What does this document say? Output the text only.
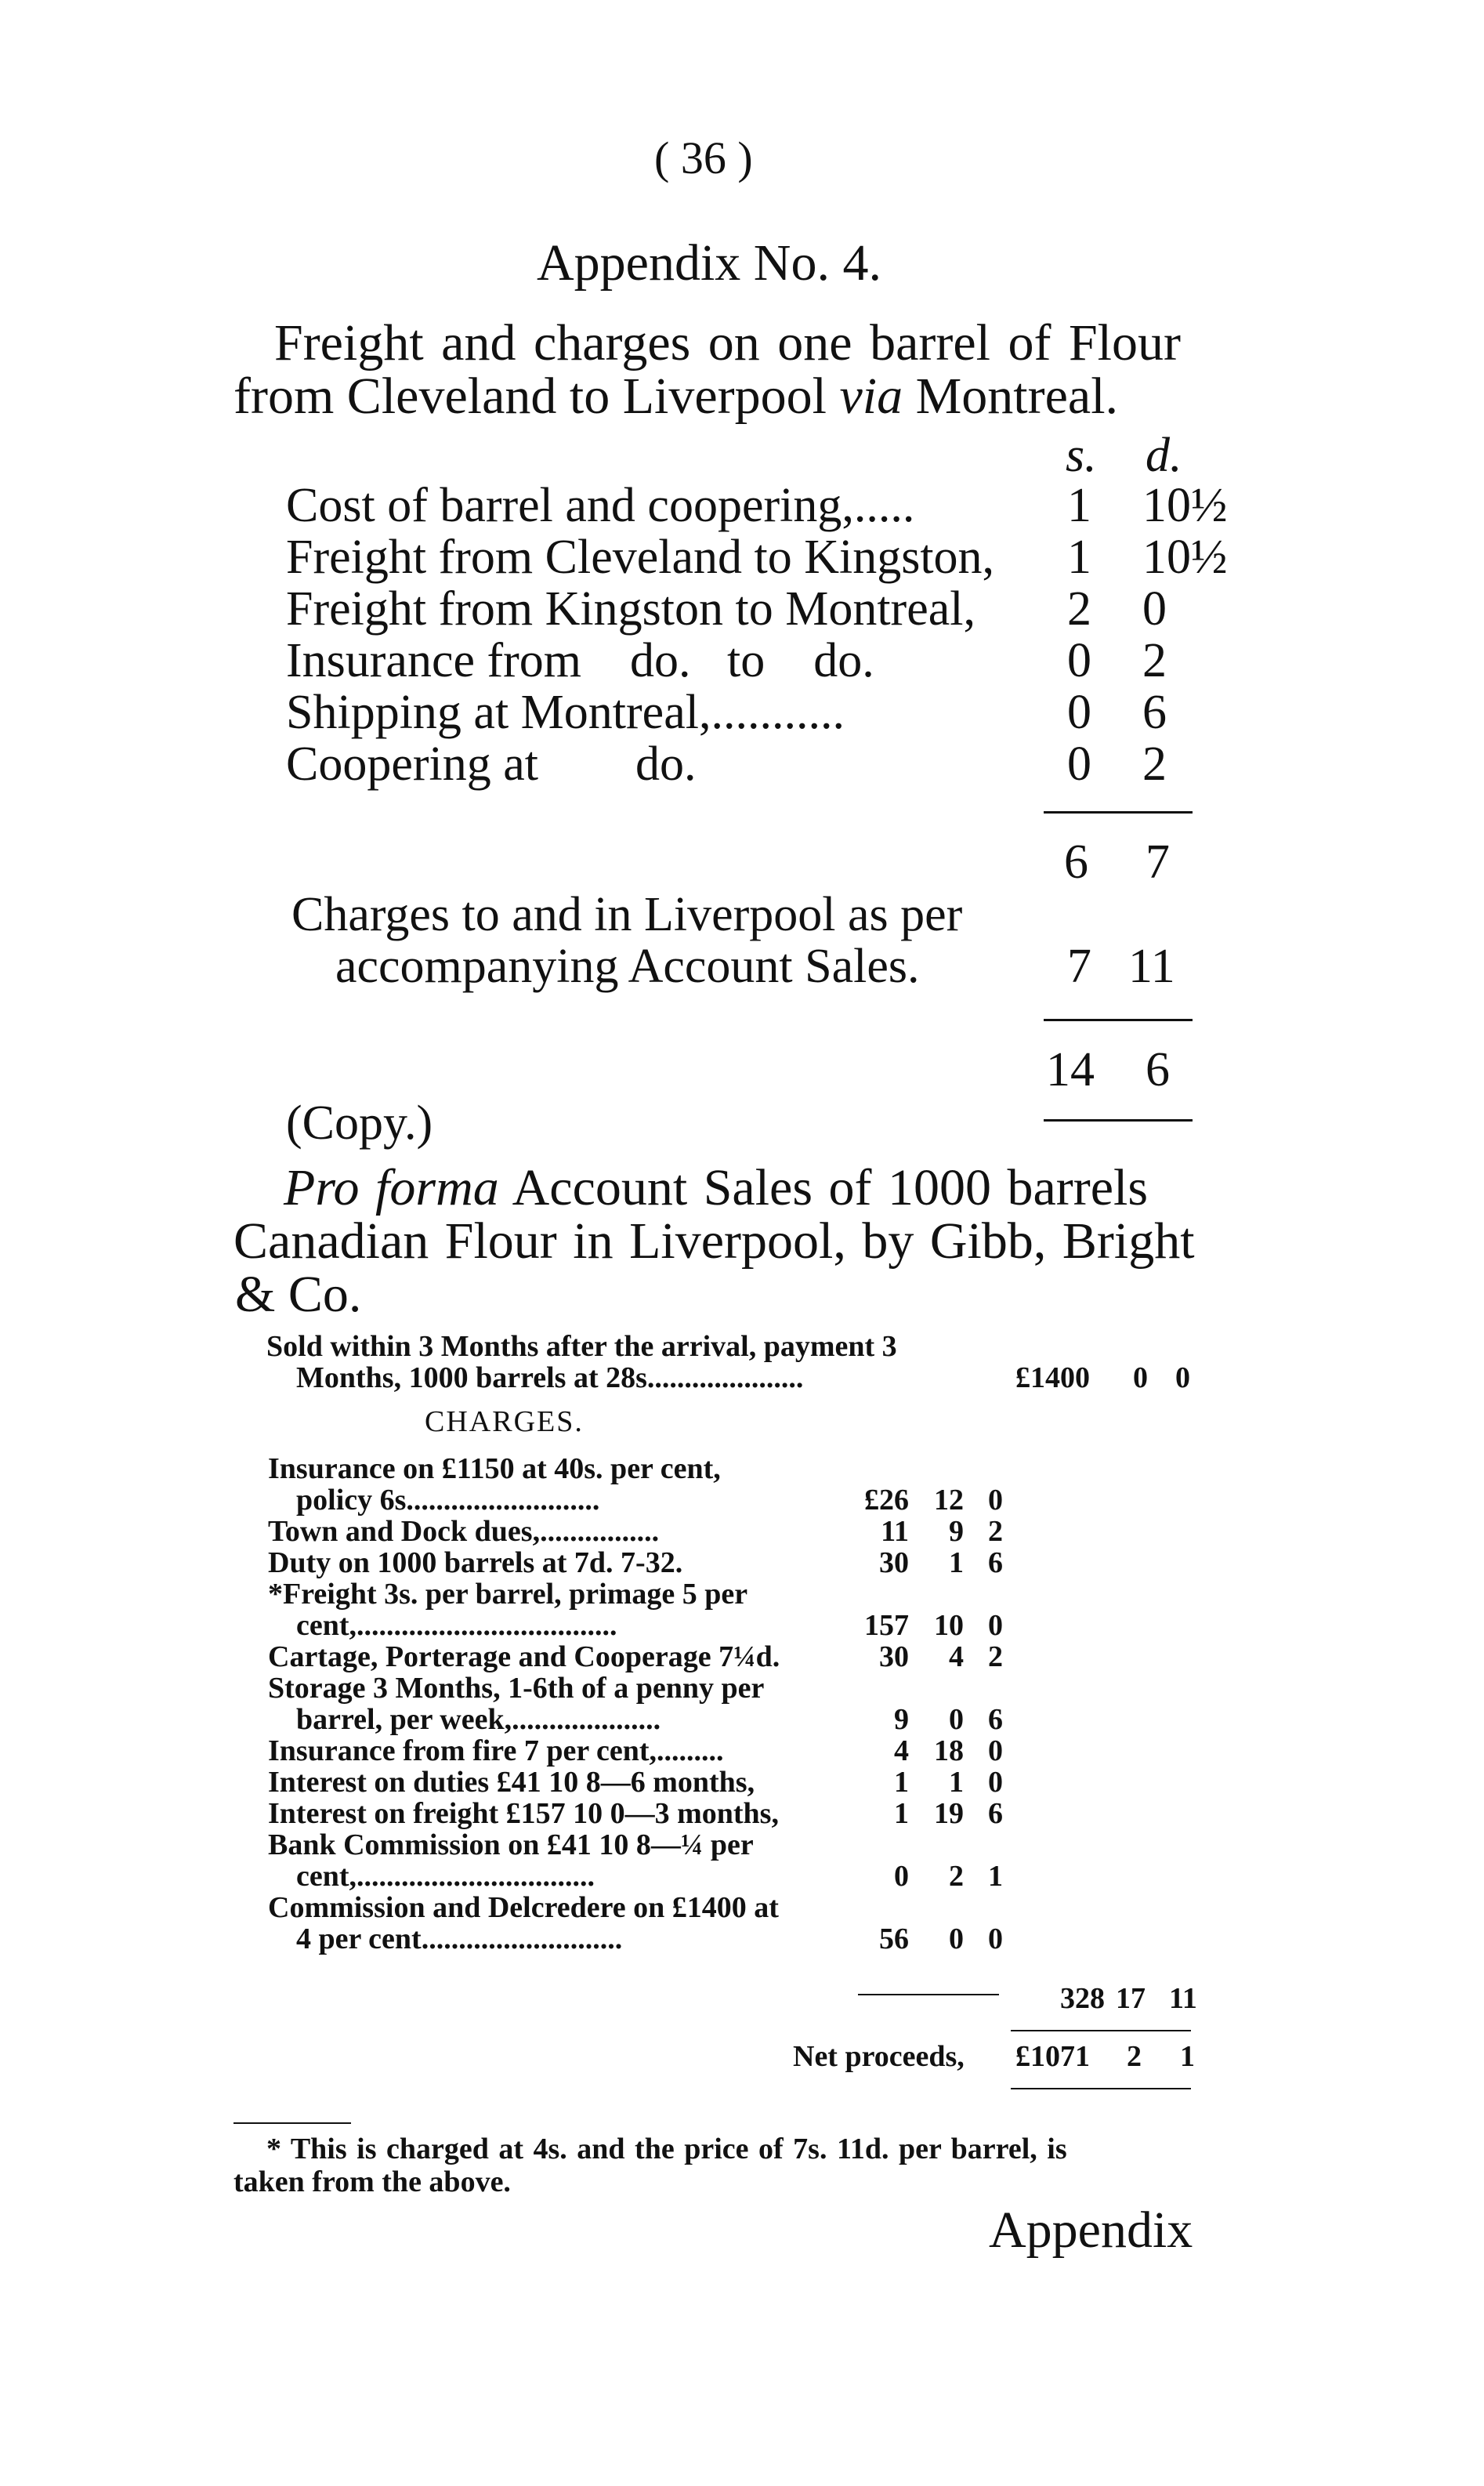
( 36 )
Appendix No. 4.
Freight and charges on one barrel of Flour
from Cleveland to Liverpool via Montreal.
s. d.
Cost of barrel and coopering,.....	1 10½
Freight from Cleveland to Kingston, 1 10½
Freight from Kingston to Montreal, 2 0
Insurance from    do.   to    do.	0 2
Shipping at Montreal,...........	0 6
Coopering at        do.	0 2
6 7
Charges to and in Liverpool as per
accompanying Account Sales.	7 11
14 6
(Copy.)
Pro forma Account Sales of 1000 barrels
Canadian Flour in Liverpool, by Gibb, Bright
& Co.
Sold within 3 Months after the arrival, payment 3
Months, 1000 barrels at 28s.....................	£1400 0 0
CHARGES.
Insurance on £1150 at 40s. per cent,
policy 6s..........................	£26 12 0
Town and Dock dues,................	11	9 2
Duty on 1000 barrels at 7d. 7-32.	30	1 6
*Freight 3s. per barrel, primage 5 per
cent,...................................	157 10 0
Cartage, Porterage and Cooperage 7¼d.	30	4 2
Storage 3 Months, 1-6th of a penny per
barrel, per week,....................	9	0 6
Insurance from fire 7 per cent,.........	4 18 0
Interest on duties £41 10 8—6 months,	1	1 0
Interest on freight £157 10 0—3 months,	1 19 6
Bank Commission on £41 10 8—¼ per
cent,................................	0	2 1
Commission and Delcredere on £1400 at
4 per cent...........................	56	0 0
328 17 11
Net proceeds, £1071 2 1
* This is charged at 4s. and the price of 7s. 11d. per barrel, is
taken from the above.
Appendix
